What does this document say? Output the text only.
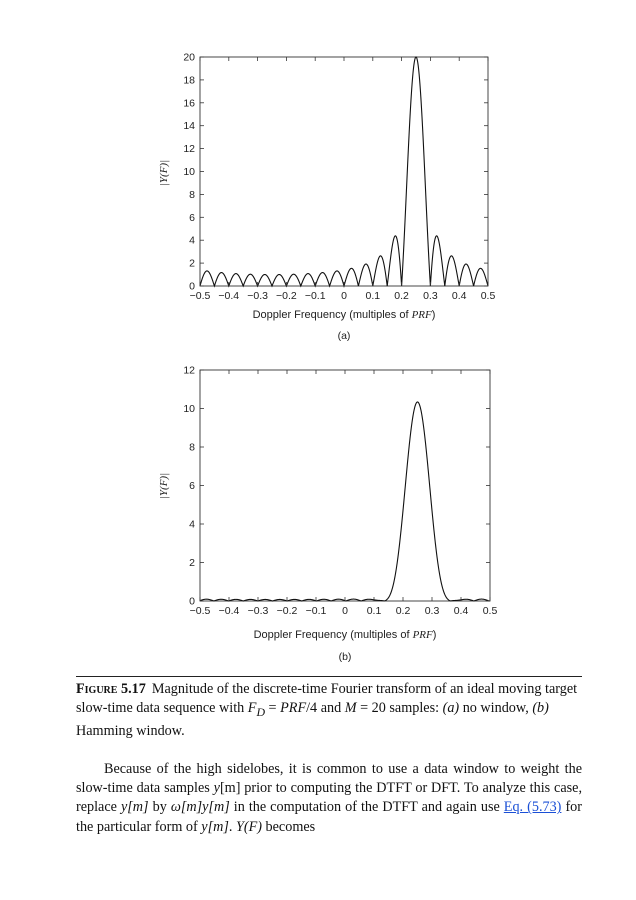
−0.5 −0.4 −0.3 −0.2 −0.1 0 0.1 0.2 0.3 0.4 0.5
0
2
4
6
8
10
12
14
16
18
20
|Y(F)|
Doppler Frequency (multiples of PRF)
(a)
−0.5 −0.4 −0.3 −0.2 −0.1 0 0.1 0.2 0.3 0.4 0.5
0
2
4
6
8
10
12
|Y(F)|
Doppler Frequency (multiples of PRF)
(b)
Figure 5.17 Magnitude of the discrete-time Fourier transform of an ideal moving target slow-time data sequence with $F_D = PRF/4$ and M = 20 samples: (a) no window, (b) Hamming window.

Because of the high sidelobes, it is common to use a data window to weight the slow-time data samples y[m] prior to computing the DTFT or DFT. To analyze this case, replace y[m] by ω[m]y[m] in the computation of the DTFT and again use Eq. (5.73) for the particular form of y[m]. Y(F) becomes
